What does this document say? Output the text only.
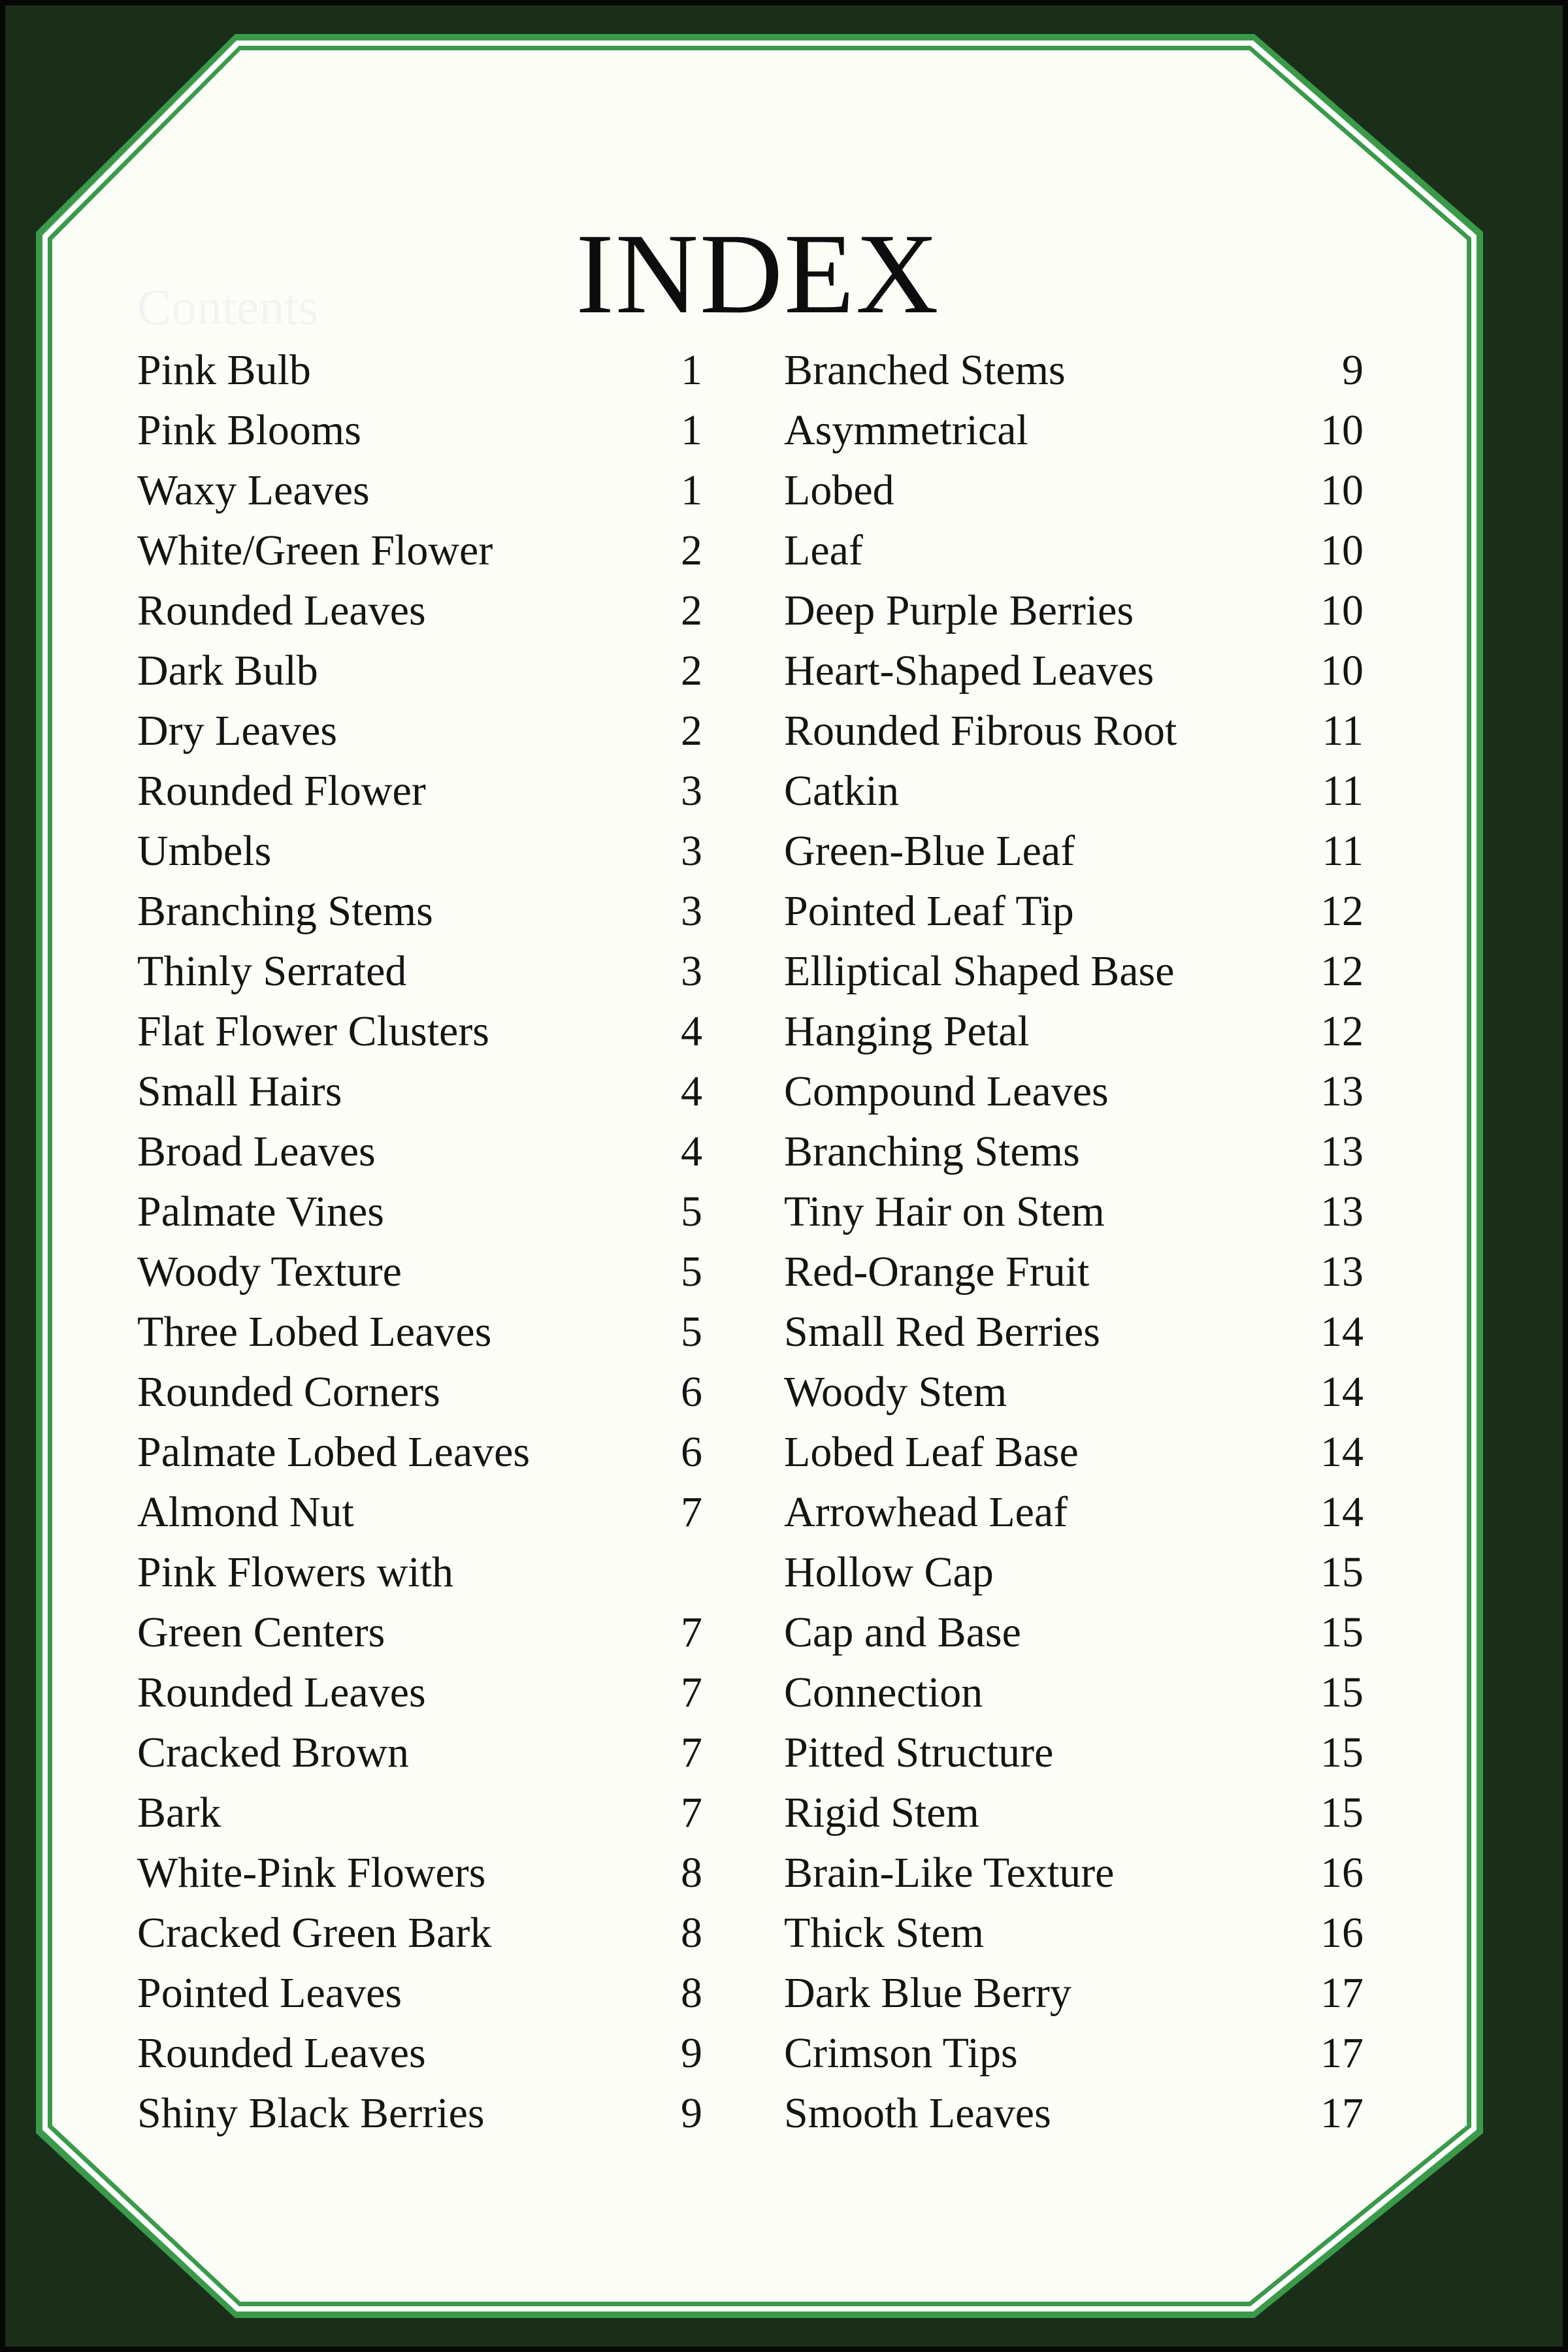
INDEX
Contents
Pink Bulb	1
Pink Blooms	1
Waxy Leaves	1
White/Green Flower	2
Rounded Leaves	2
Dark Bulb	2
Dry Leaves	2
Rounded Flower	3
Umbels	3
Branching Stems	3
Thinly Serrated	3
Flat Flower Clusters	4
Small Hairs	4
Broad Leaves	4
Palmate Vines	5
Woody Texture	5
Three Lobed Leaves	5
Rounded Corners	6
Palmate Lobed Leaves	6
Almond Nut	7
Pink Flowers with
Green Centers	7
Rounded Leaves	7
Cracked Brown	7
Bark	7
White-Pink Flowers	8
Cracked Green Bark	8
Pointed Leaves	8
Rounded Leaves	9
Shiny Black Berries	9
Branched Stems	9
Asymmetrical	10
Lobed	10
Leaf	10
Deep Purple Berries	10
Heart-Shaped Leaves	10
Rounded Fibrous Root	11
Catkin	11
Green-Blue Leaf	11
Pointed Leaf Tip	12
Elliptical Shaped Base	12
Hanging Petal	12
Compound Leaves	13
Branching Stems	13
Tiny Hair on Stem	13
Red-Orange Fruit	13
Small Red Berries	14
Woody Stem	14
Lobed Leaf Base	14
Arrowhead Leaf	14
Hollow Cap	15
Cap and Base	15
Connection	15
Pitted Structure	15
Rigid Stem	15
Brain-Like Texture	16
Thick Stem	16
Dark Blue Berry	17
Crimson Tips	17
Smooth Leaves	17
